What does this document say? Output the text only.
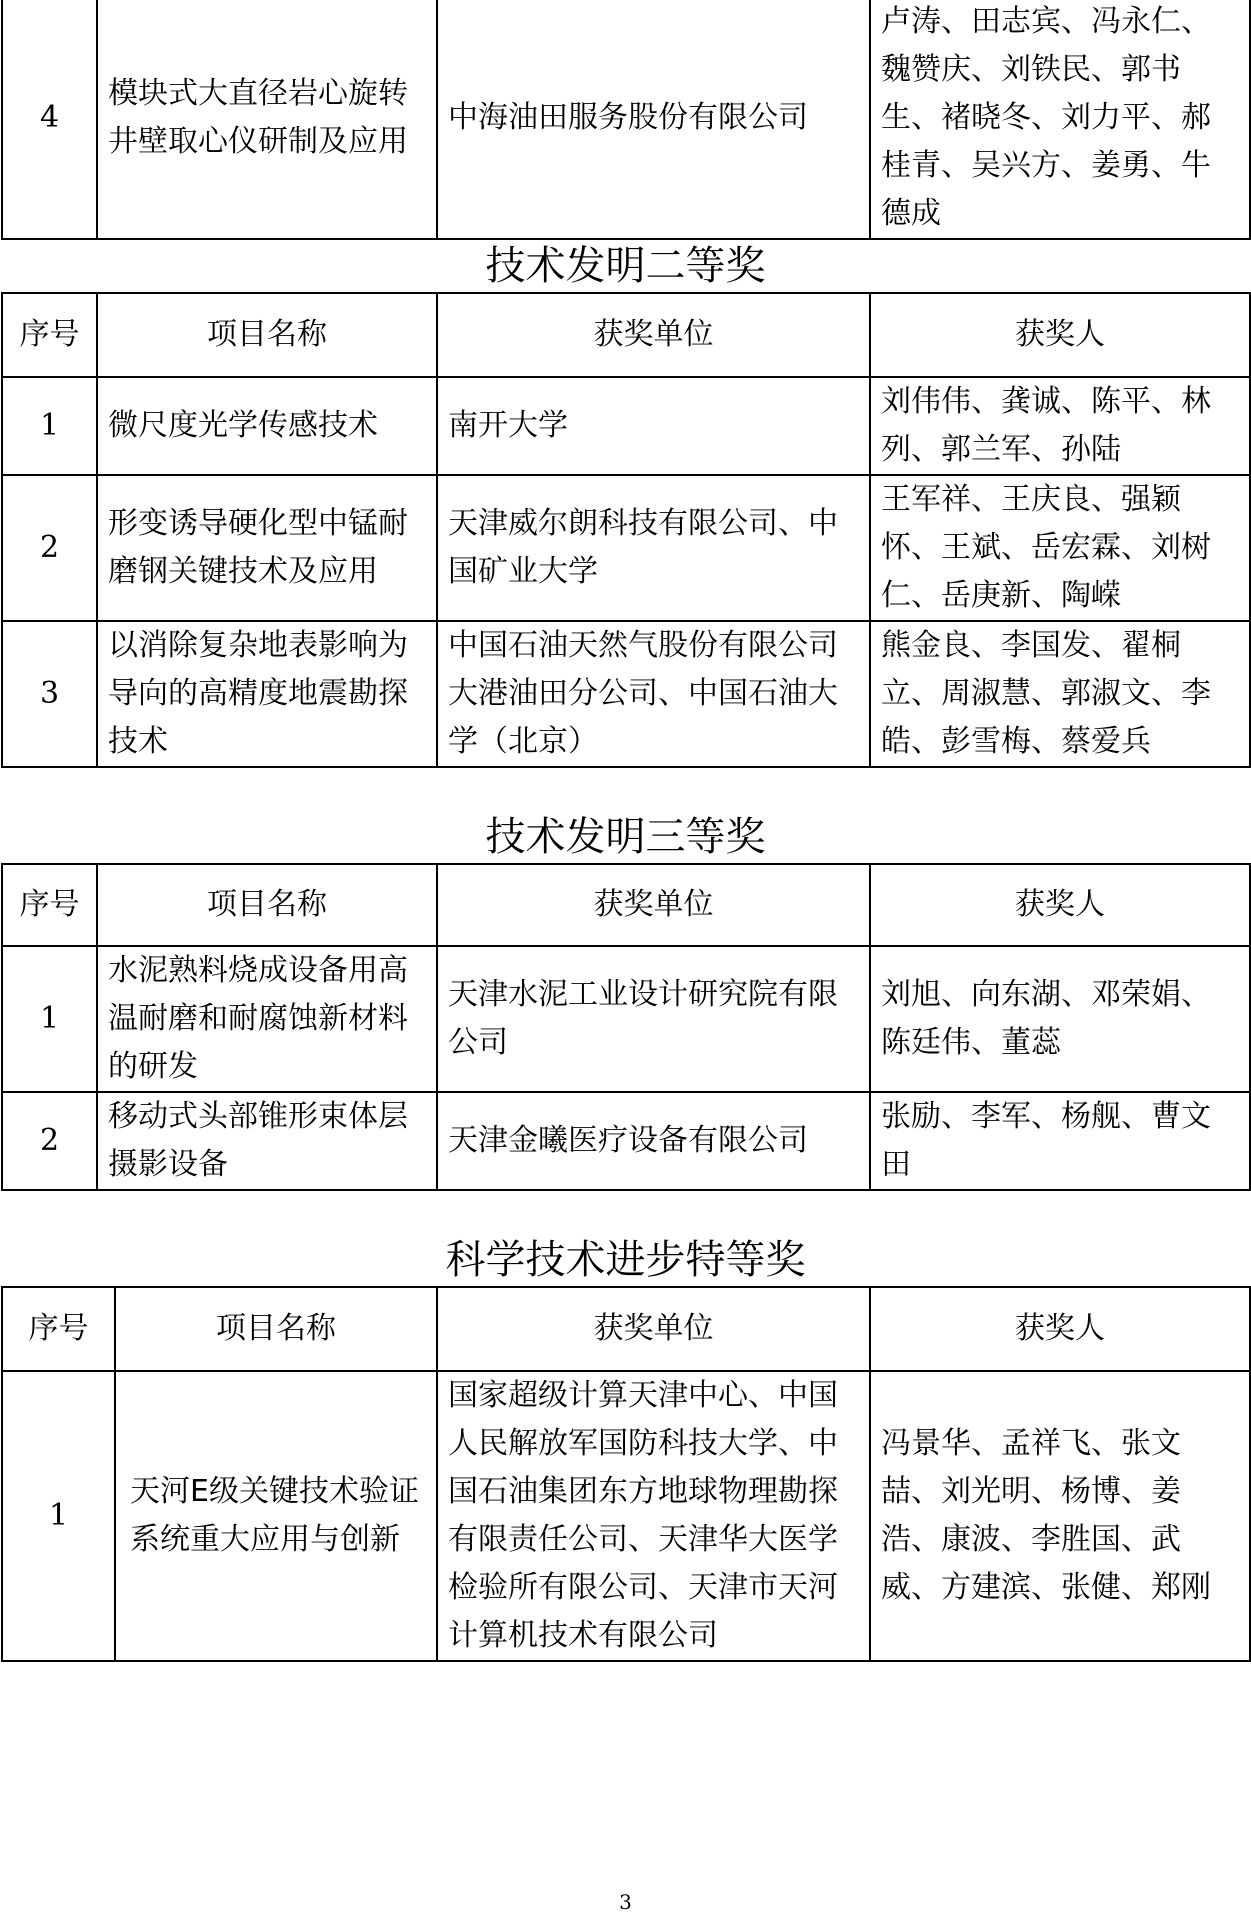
4	模块式大直径岩心旋转井壁取心仪研制及应用	中海油田服务股份有限公司	卢涛、田志宾、冯永仁、魏赞庆、刘铁民、郭书生、褚晓冬、刘力平、郝桂青、吴兴方、姜勇、牛德成
技术发明二等奖
序号	项目名称	获奖单位	获奖人
1	微尺度光学传感技术	南开大学	刘伟伟、龚诚、陈平、林列、郭兰军、孙陆
2	形变诱导硬化型中锰耐磨钢关键技术及应用	天津威尔朗科技有限公司、中国矿业大学	王军祥、王庆良、强颖怀、王斌、岳宏霖、刘树仁、岳庚新、陶嵘
3	以消除复杂地表影响为导向的高精度地震勘探技术	中国石油天然气股份有限公司大港油田分公司、中国石油大学（北京）	熊金良、李国发、翟桐立、周淑慧、郭淑文、李皓、彭雪梅、蔡爱兵
技术发明三等奖
序号	项目名称	获奖单位	获奖人
1	水泥熟料烧成设备用高温耐磨和耐腐蚀新材料的研发	天津水泥工业设计研究院有限公司	刘旭、向东湖、邓荣娟、陈廷伟、董蕊
2	移动式头部锥形束体层摄影设备	天津金曦医疗设备有限公司	张励、李军、杨舰、曹文田
科学技术进步特等奖
序号	项目名称	获奖单位	获奖人
1	天河E级关键技术验证系统重大应用与创新	国家超级计算天津中心、中国人民解放军国防科技大学、中国石油集团东方地球物理勘探有限责任公司、天津华大医学检验所有限公司、天津市天河计算机技术有限公司	冯景华、孟祥飞、张文喆、刘光明、杨博、姜浩、康波、李胜国、武威、方建滨、张健、郑刚
3
